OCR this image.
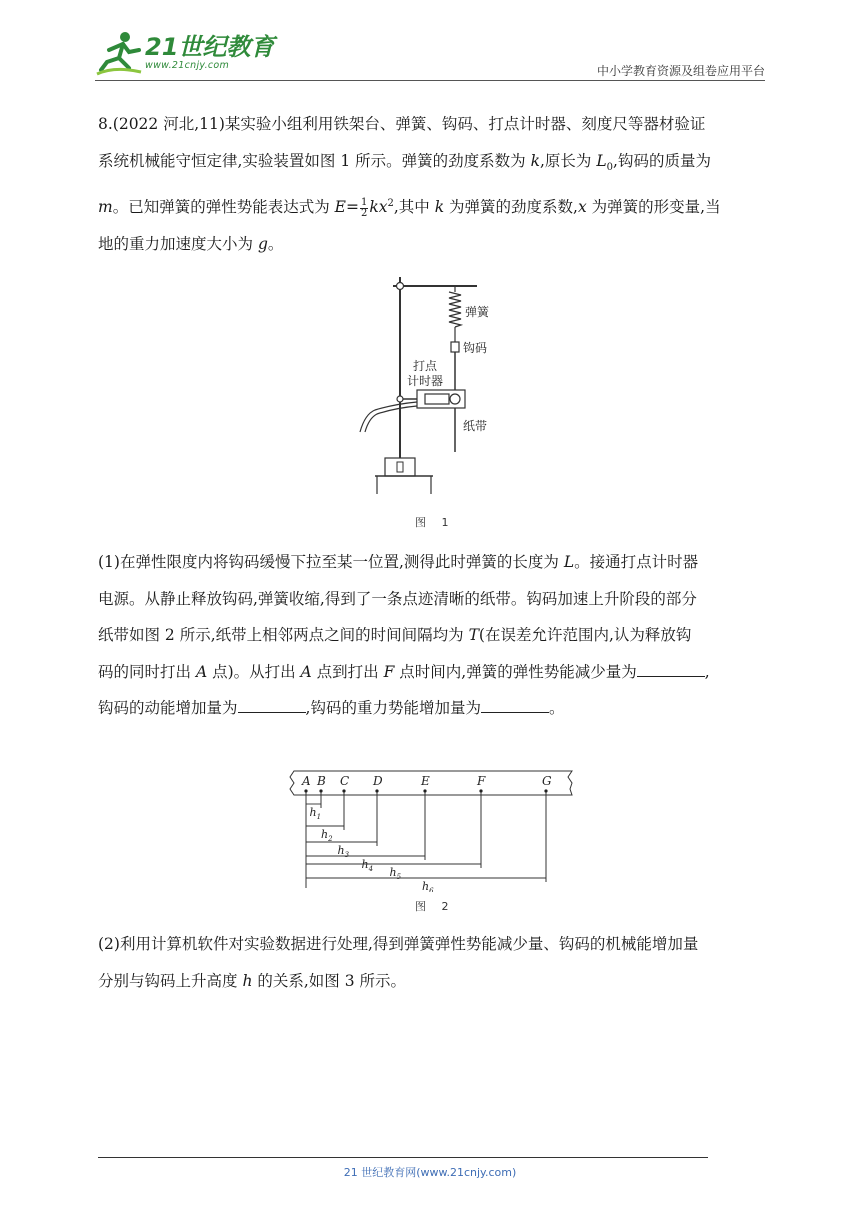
21世纪教育
www.21cnjy.com	中小学教育资源及组卷应用平台

8.(2022 河北,11)某实验小组利用铁架台、弹簧、钩码、打点计时器、刻度尺等器材验证

系统机械能守恒定律,实验装置如图 1 所示。弹簧的劲度系数为 k,原长为 $L_0$,钩码的质量为

m。已知弹簧的弹性势能表达式为 $E= \frac{1}{2} kx^2$,其中 k 为弹簧的劲度系数,x 为弹簧的形变量,当

地的重力加速度大小为 g。

弹簧
钩码
打点
计时器
纸带
图 1

(1)在弹性限度内将钩码缓慢下拉至某一位置,测得此时弹簧的长度为 L。接通打点计时器

电源。从静止释放钩码,弹簧收缩,得到了一条点迹清晰的纸带。钩码加速上升阶段的部分

纸带如图 2 所示,纸带上相邻两点之间的时间间隔均为 T(在误差允许范围内,认为释放钩

码的同时打出 A 点)。从打出 A 点到打出 F 点时间内,弹簧的弹性势能减少量为	,

钩码的动能增加量为	,钩码的重力势能增加量为	。

A B C D	E	F	G
$h_1$
$h_2$
$h_3$
$h_4$ $h_5$
$h_6$
图 2

(2)利用计算机软件对实验数据进行处理,得到弹簧弹性势能减少量、钩码的机械能增加量

分别与钩码上升高度 h 的关系,如图 3 所示。

21 世纪教育网(www.21cnjy.com)
